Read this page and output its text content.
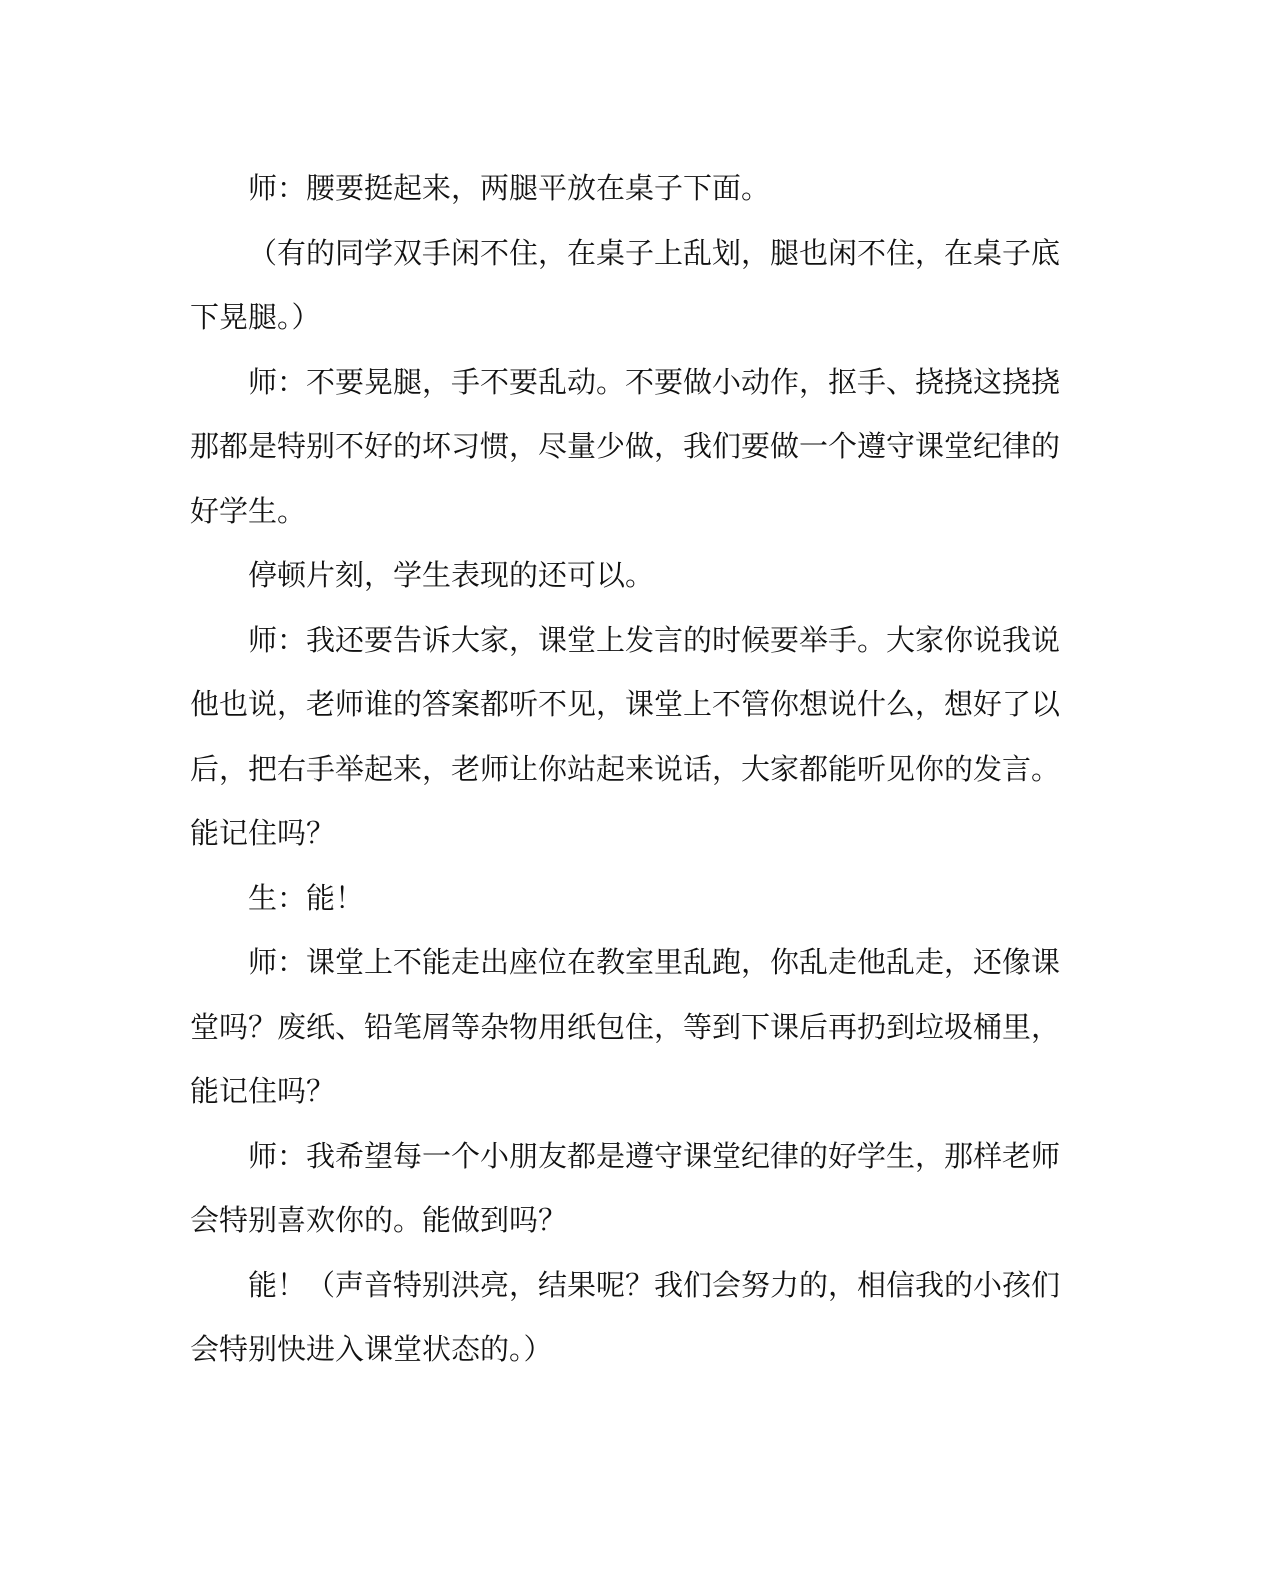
师：腰要挺起来，两腿平放在桌子下面。

（有的同学双手闲不住，在桌子上乱划，腿也闲不住，在桌子底下晃腿。）

师：不要晃腿，手不要乱动。不要做小动作，抠手、挠挠这挠挠那都是特别不好的坏习惯，尽量少做，我们要做一个遵守课堂纪律的好学生。

停顿片刻，学生表现的还可以。

师：我还要告诉大家，课堂上发言的时候要举手。大家你说我说他也说，老师谁的答案都听不见，课堂上不管你想说什么，想好了以后，把右手举起来，老师让你站起来说话，大家都能听见你的发言。能记住吗？

生：能！

师：课堂上不能走出座位在教室里乱跑，你乱走他乱走，还像课堂吗？废纸、铅笔屑等杂物用纸包住，等到下课后再扔到垃圾桶里，能记住吗？

师：我希望每一个小朋友都是遵守课堂纪律的好学生，那样老师会特别喜欢你的。能做到吗？

能！（声音特别洪亮，结果呢？我们会努力的，相信我的小孩们会特别快进入课堂状态的。）
